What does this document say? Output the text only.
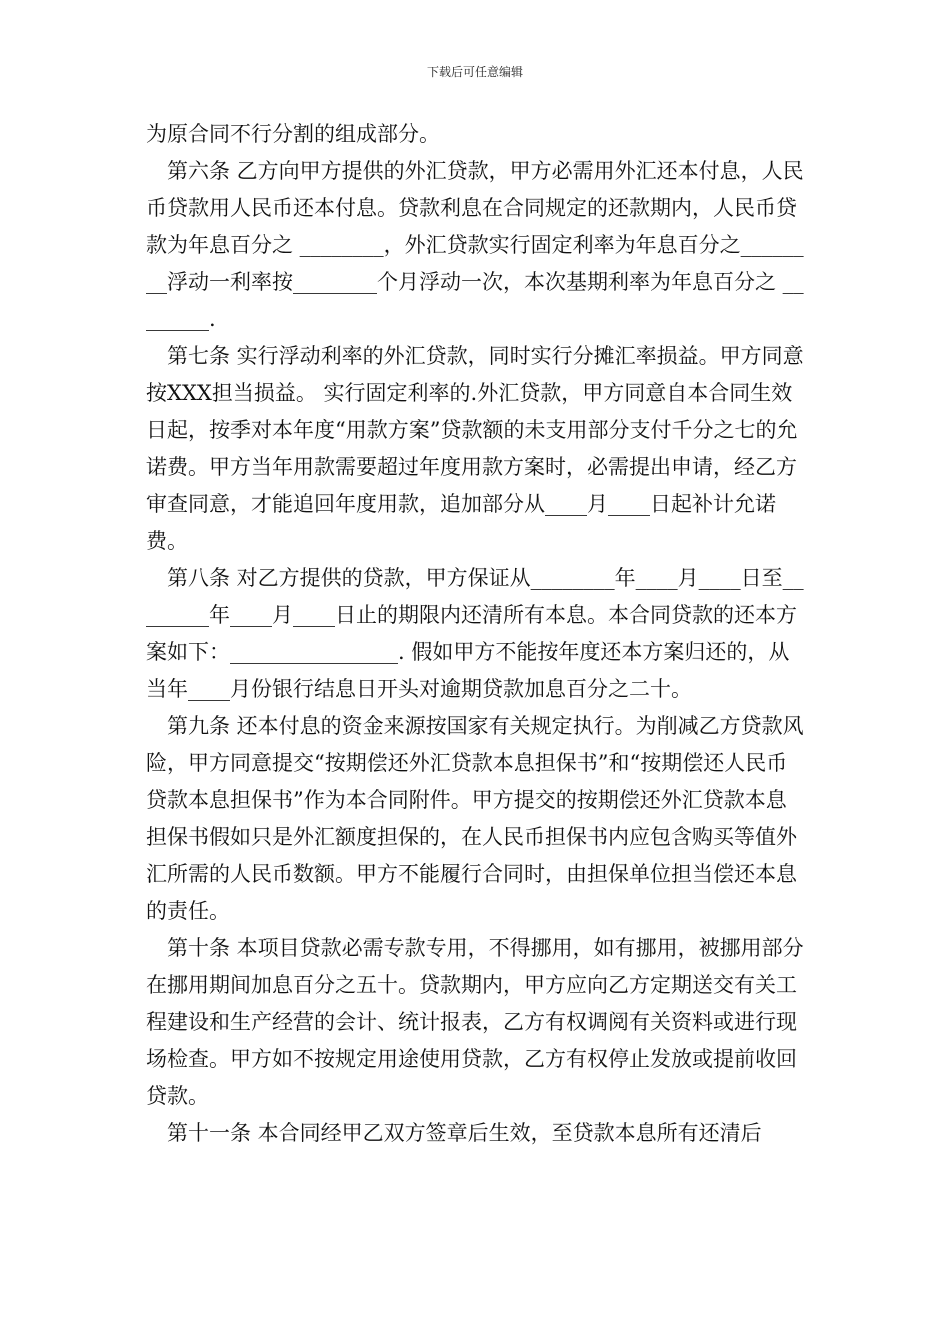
下载后可任意编辑

为原合同不行分割的组成部分。

第六条 乙方向甲方提供的外汇贷款，甲方必需用外汇还本付息，人民币贷款用人民币还本付息。贷款利息在合同规定的还款期内，人民币贷款为年息百分之 ________，外汇贷款实行固定利率为年息百分之________浮动一利率按________个月浮动一次，本次基期利率为年息百分之 ________.

第七条 实行浮动利率的外汇贷款，同时实行分摊汇率损益。甲方同意按XXX担当损益。 实行固定利率的.外汇贷款，甲方同意自本合同生效日起，按季对本年度“用款方案”贷款额的未支用部分支付千分之七的允诺费。甲方当年用款需要超过年度用款方案时，必需提出申请，经乙方审查同意，才能追回年度用款，追加部分从____月____日起补计允诺费。

第八条 对乙方提供的贷款，甲方保证从________年____月____日至________年____月____日止的期限内还清所有本息。本合同贷款的还本方案如下：________________. 假如甲方不能按年度还本方案归还的，从当年____月份银行结息日开头对逾期贷款加息百分之二十。

第九条 还本付息的资金来源按国家有关规定执行。为削减乙方贷款风险，甲方同意提交“按期偿还外汇贷款本息担保书”和“按期偿还人民币贷款本息担保书”作为本合同附件。甲方提交的按期偿还外汇贷款本息担保书假如只是外汇额度担保的，在人民币担保书内应包含购买等值外汇所需的人民币数额。甲方不能履行合同时，由担保单位担当偿还本息的责任。

第十条 本项目贷款必需专款专用，不得挪用，如有挪用，被挪用部分在挪用期间加息百分之五十。贷款期内，甲方应向乙方定期送交有关工程建设和生产经营的会计、统计报表，乙方有权调阅有关资料或进行现场检查。甲方如不按规定用途使用贷款，乙方有权停止发放或提前收回贷款。

第十一条 本合同经甲乙双方签章后生效，至贷款本息所有还清后
